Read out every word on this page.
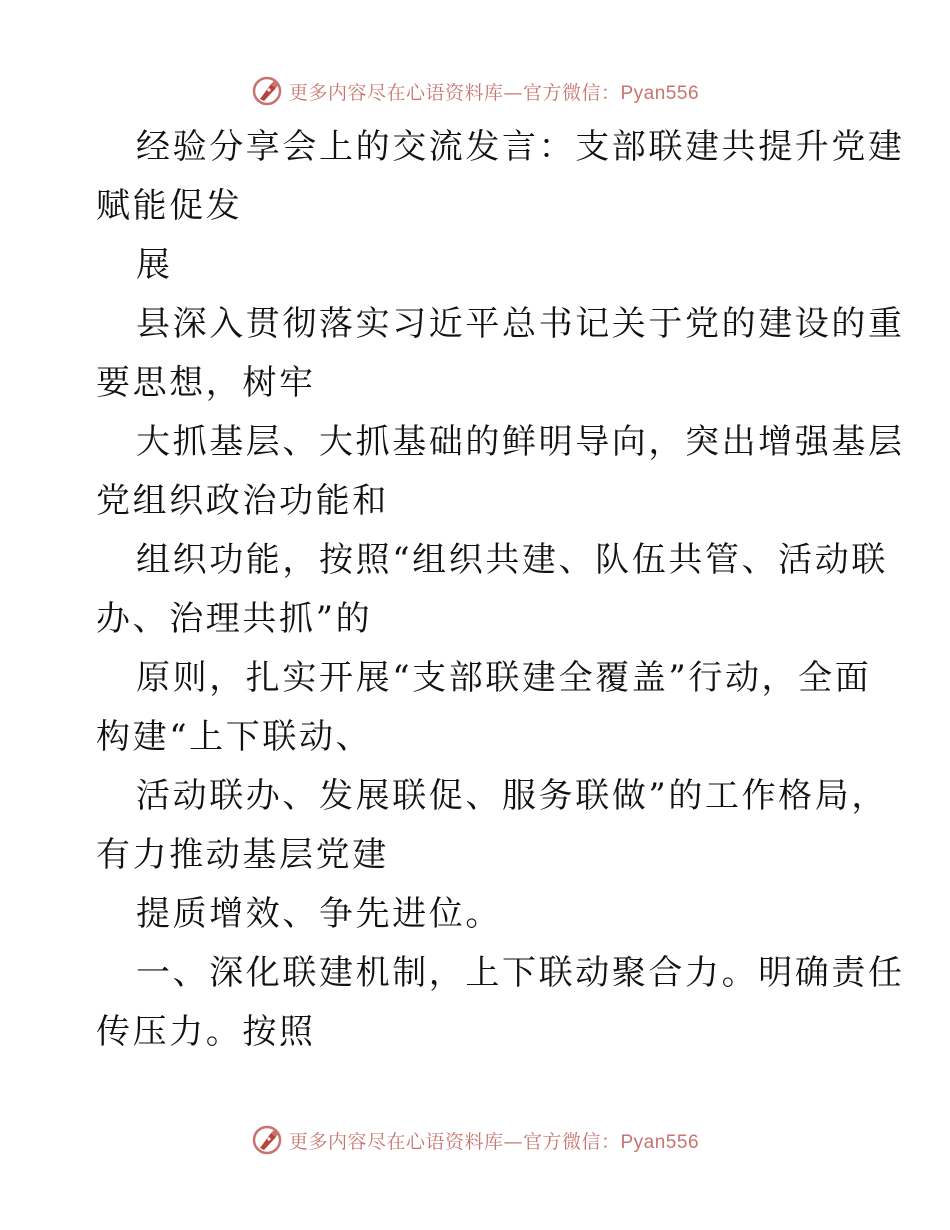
更多内容尽在心语资料库—官方微信：Pyan556
经验分享会上的交流发言：支部联建共提升党建
赋能促发
展
县深入贯彻落实习近平总书记关于党的建设的重
要思想，树牢
大抓基层、大抓基础的鲜明导向，突出增强基层
党组织政治功能和
组织功能，按照“组织共建、队伍共管、活动联
办、治理共抓”的
原则，扎实开展“支部联建全覆盖”行动，全面
构建“上下联动、
活动联办、发展联促、服务联做”的工作格局，
有力推动基层党建
提质增效、争先进位。
一、深化联建机制，上下联动聚合力。明确责任
传压力。按照
更多内容尽在心语资料库—官方微信：Pyan556
